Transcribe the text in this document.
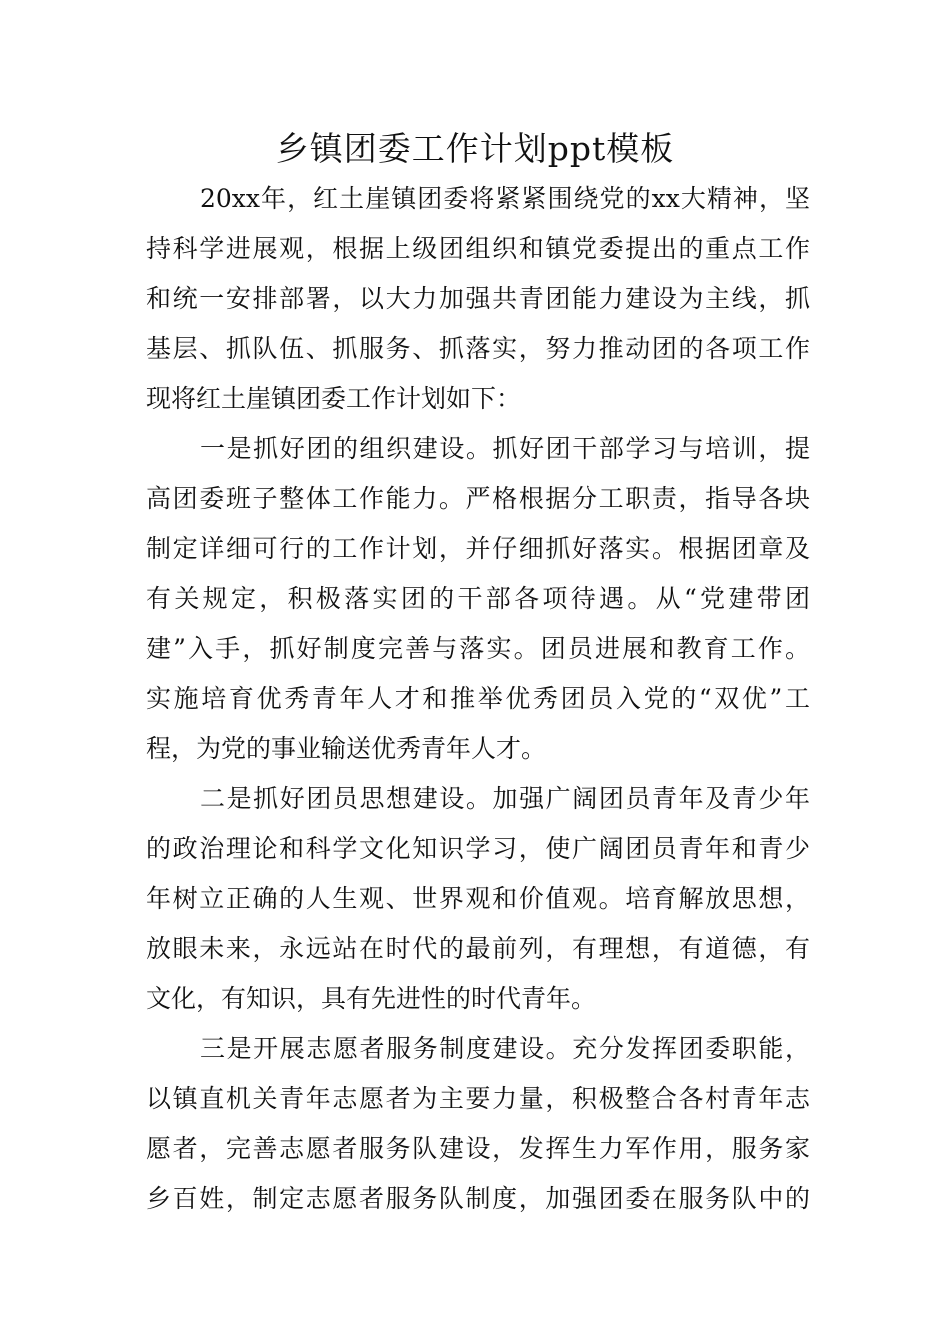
乡镇团委工作计划ppt模板

20xx年，红土崖镇团委将紧紧围绕党的xx大精神，坚

持科学进展观，根据上级团组织和镇党委提出的重点工作

和统一安排部署，以大力加强共青团能力建设为主线，抓

基层、抓队伍、抓服务、抓落实，努力推动团的各项工作

现将红土崖镇团委工作计划如下：

一是抓好团的组织建设。抓好团干部学习与培训，提

高团委班子整体工作能力。严格根据分工职责，指导各块

制定详细可行的工作计划，并仔细抓好落实。根据团章及

有关规定，积极落实团的干部各项待遇。从“党建带团

建”入手，抓好制度完善与落实。团员进展和教育工作。

实施培育优秀青年人才和推举优秀团员入党的“双优”工

程，为党的事业输送优秀青年人才。

二是抓好团员思想建设。加强广阔团员青年及青少年

的政治理论和科学文化知识学习，使广阔团员青年和青少

年树立正确的人生观、世界观和价值观。培育解放思想，

放眼未来，永远站在时代的最前列，有理想，有道德，有

文化，有知识，具有先进性的时代青年。

三是开展志愿者服务制度建设。充分发挥团委职能，

以镇直机关青年志愿者为主要力量，积极整合各村青年志

愿者，完善志愿者服务队建设，发挥生力军作用，服务家

乡百姓，制定志愿者服务队制度，加强团委在服务队中的
